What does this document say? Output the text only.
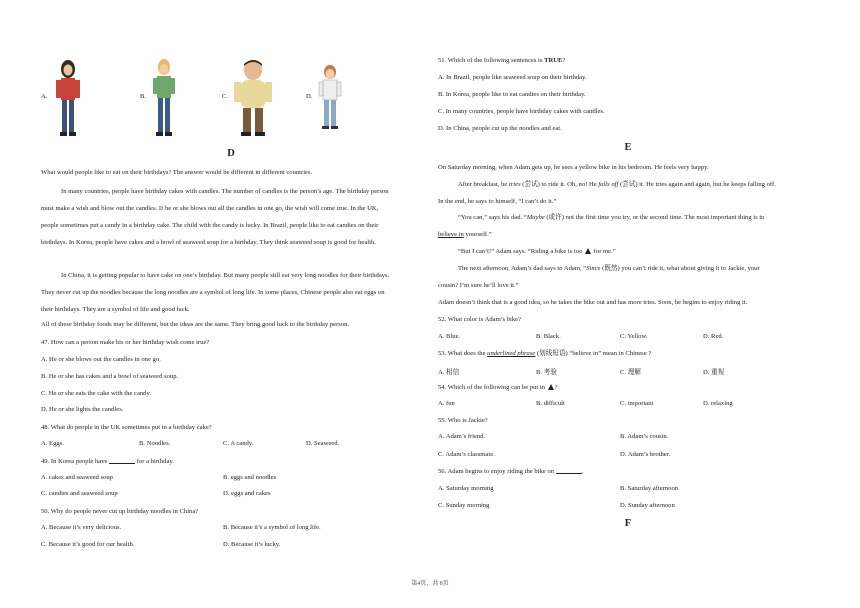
A.	B.	C.	D.
D
What would people like to eat on their birthdays? The answer would be different in different countries.
In many countries, people have birthday cakes with candles. The number of candles is the person’s age. The birthday person must make a wish and blow out the candles. If he or she blows out all the candles in one go, the wish will come true. In the UK, people sometimes put a candy in a birthday cake. The child with the candy is lucky. In Brazil, people like to eat candies on their birthdays. In Korea, people have cakes and a bowl of seaweed soup for a birthday. They think seaweed soup is good for health.
In China, it is getting popular to have cake on one’s birthday. But many people still eat very long noodles for their birthdays. They never cut up the noodles because the long noodles are a symbol of long life. In some places, Chinese people also eat eggs on their birthdays. They are a symbol of life and good luck.
All of these birthday foods may be different, but the ideas are the same. They bring good luck to the birthday person.
47. How can a person make his or her birthday wish come true?
A. He or she blows out the candles in one go.
B. He or she has cakes and a bowl of seaweed soup.
C. He or she eats the cake with the candy.
D. He or she lights the candles.
48. What do people in the UK sometimes put in a birthday cake?
A. Eggs.	B. Noodles.	C. A candy.	D. Seaweed.
49. In Korea people have	for a birthday.
A. cakes and seaweed soup	B. eggs and noodles
C. candies and seaweed soup	D. eggs and cakes
50. Why do people never cut up birthday noodles in China?
A. Because it’s very delicious.	B. Because it’s a symbol of long life.
C. Because it’s good for our health.	D. Because it’s lucky.
51. Which of the following sentences is TRUE?
A. In Brazil, people like seaweed soup on their birthday.
B. In Korea, people like to eat candies on their birthday.
C. In many countries, people have birthday cakes with candles.
D. In China, people cut up the noodles and eat.
E
On Saturday morning, when Adam gets up, he sees a yellow bike in his bedroom. He feels very happy.
After breakfast, he tries (尝试) to ride it. Oh, no! He falls off (尝试) it. He tries again and again, but he keeps falling off.
In the end, he says to himself, “I can’t do it.”
“You can,” says his dad. “Maybe (或许) not the first time you try, or the second time. The most important thing is to
believe in yourself.”
“But I can’t!” Adam says. “Riding a bike is too for me.”
The next afternoon, Adam’s dad says to Adam, “Since (既然) you can’t ride it, what about giving it to Jackie, your
cousin? I’m sure he’ll love it.”
Adam doesn’t think that is a good idea, so he takes the bike out and has more tries. Soon, he begins to enjoy riding it.
52. What color is Adam’s bike?
A. Blue.	B. Black.	C. Yellow.	D. Red.
53. What does the underlined phrase (划线短语) “believe in” mean in Chinese ?
A. 相信	B. 考验	C. 理解	D. 重视
54. Which of the following can be put in ?
A. fun	B. difficult	C. important	D. relaxing
55. Who is Jackie?
A. Adam’s friend.	B. Adam’s cousin.
C. Adam’s classmate.	D. Adam’s brother.
56. Adam begins to enjoy riding the bike on	.
A. Saturday morning	B. Saturday afternoon
C. Sunday morning	D. Sunday afternoon
F
第4页，共 8页
